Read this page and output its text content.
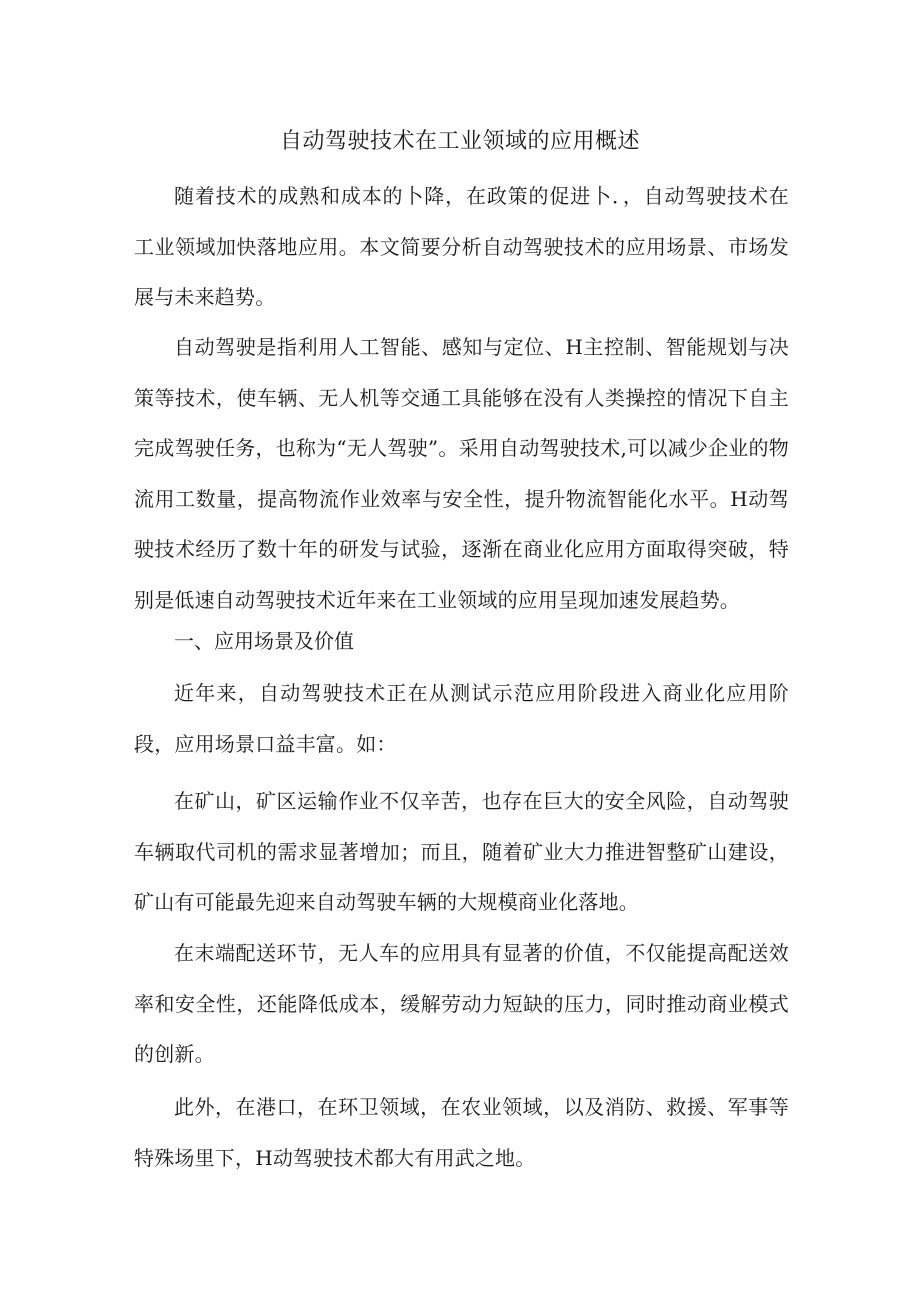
自动驾驶技术在工业领域的应用概述

随着技术的成熟和成本的卜降，在政策的促进卜．，自动驾驶技术在工业领域加快落地应用。本文简要分析自动驾驶技术的应用场景、市场发展与未来趋势。

自动驾驶是指利用人工智能、感知与定位、H主控制、智能规划与决策等技术，使车辆、无人机等交通工具能够在没有人类操控的情况下自主完成驾驶任务，也称为“无人驾驶”。采用自动驾驶技术,可以减少企业的物流用工数量，提高物流作业效率与安全性，提升物流智能化水平。H动驾驶技术经历了数十年的研发与试验，逐渐在商业化应用方面取得突破，特别是低速自动驾驶技术近年来在工业领域的应用呈现加速发展趋势。

一、应用场景及价值

近年来，自动驾驶技术正在从测试示范应用阶段进入商业化应用阶段，应用场景口益丰富。如：

在矿山，矿区运输作业不仅辛苦，也存在巨大的安全风险，自动驾驶车辆取代司机的需求显著增加；而且，随着矿业大力推进智整矿山建设，矿山有可能最先迎来自动驾驶车辆的大规模商业化落地。

在末端配送环节，无人车的应用具有显著的价值，不仅能提高配送效率和安全性，还能降低成本，缓解劳动力短缺的压力，同时推动商业模式的创新。

此外，在港口，在环卫领域，在农业领域，以及消防、救援、军事等特殊场里下，H动驾驶技术都大有用武之地。
